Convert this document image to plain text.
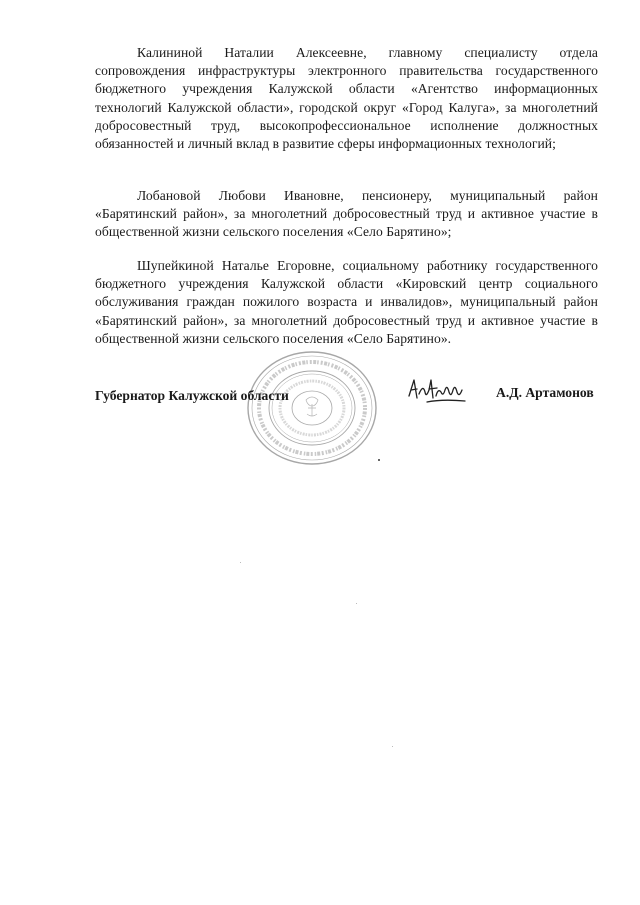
Калининой Наталии Алексеевне, главному специалисту отдела сопровождения инфраструктуры электронного правительства государственного бюджетного учреждения Калужской области «Агентство информационных технологий Калужской области», городской округ «Город Калуга», за многолетний добросовестный труд, высокопрофессиональное исполнение должностных обязанностей и личный вклад в развитие сферы информационных технологий;

Лобановой Любови Ивановне, пенсионеру, муниципальный район «Барятинский район», за многолетний добросовестный труд и активное участие в общественной жизни сельского поселения «Село Барятино»;

Шупейкиной Наталье Егоровне, социальному работнику государственного бюджетного учреждения Калужской области «Кировский центр социального обслуживания граждан пожилого возраста и инвалидов», муниципальный район «Барятинский район», за многолетний добросовестный труд и активное участие в общественной жизни сельского поселения «Село Барятино».

Губернатор Калужской области	А.Д. Артамонов
